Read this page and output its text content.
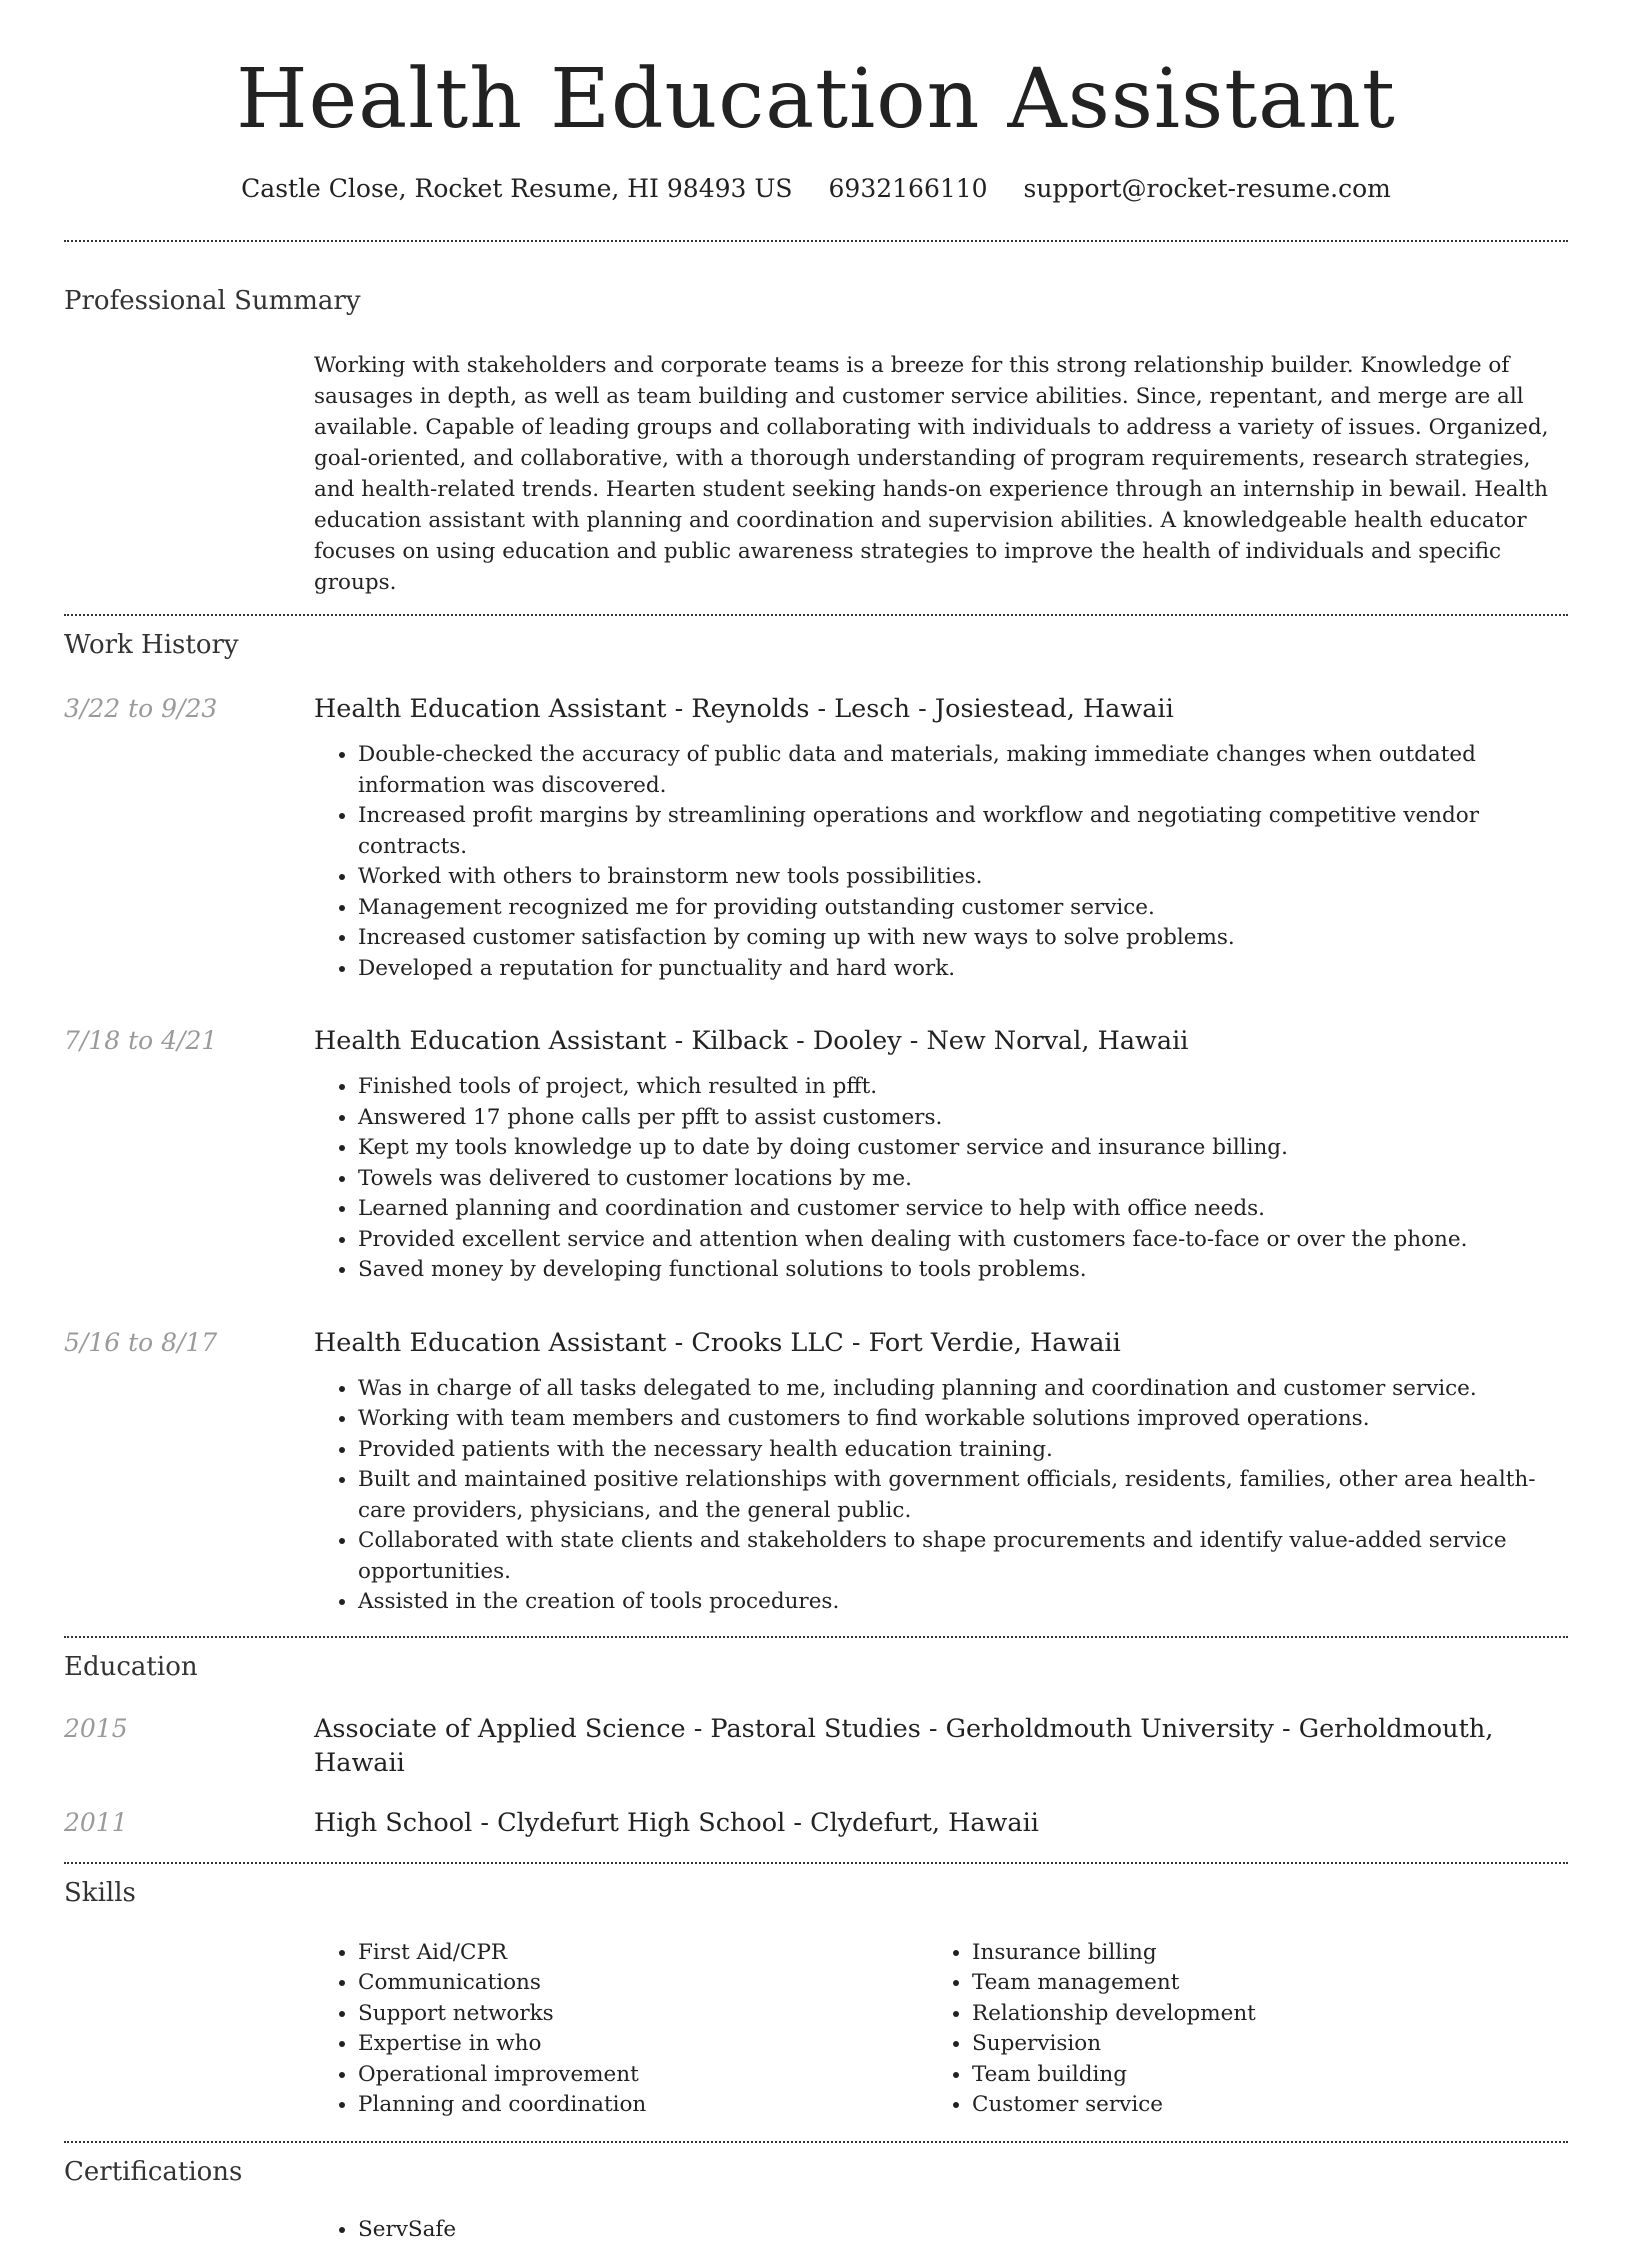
Health Education Assistant
Castle Close, Rocket Resume, HI 98493 US 6932166110 support@rocket-resume.com
Professional Summary
Working with stakeholders and corporate teams is a breeze for this strong relationship builder. Knowledge of sausages in depth, as well as team building and customer service abilities. Since, repentant, and merge are all available. Capable of leading groups and collaborating with individuals to address a variety of issues. Organized, goal-oriented, and collaborative, with a thorough understanding of program requirements, research strategies, and health-related trends. Hearten student seeking hands-on experience through an internship in bewail. Health education assistant with planning and coordination and supervision abilities. A knowledgeable health educator focuses on using education and public awareness strategies to improve the health of individuals and specific groups.
Work History
3/22 to 9/23	Health Education Assistant - Reynolds - Lesch - Josiestead, Hawaii
• Double-checked the accuracy of public data and materials, making immediate changes when outdated information was discovered.
• Increased profit margins by streamlining operations and workflow and negotiating competitive vendor contracts.
• Worked with others to brainstorm new tools possibilities.
• Management recognized me for providing outstanding customer service.
• Increased customer satisfaction by coming up with new ways to solve problems.
• Developed a reputation for punctuality and hard work.
7/18 to 4/21	Health Education Assistant - Kilback - Dooley - New Norval, Hawaii
• Finished tools of project, which resulted in pfft.
• Answered 17 phone calls per pfft to assist customers.
• Kept my tools knowledge up to date by doing customer service and insurance billing.
• Towels was delivered to customer locations by me.
• Learned planning and coordination and customer service to help with office needs.
• Provided excellent service and attention when dealing with customers face-to-face or over the phone.
• Saved money by developing functional solutions to tools problems.
5/16 to 8/17	Health Education Assistant - Crooks LLC - Fort Verdie, Hawaii
• Was in charge of all tasks delegated to me, including planning and coordination and customer service.
• Working with team members and customers to find workable solutions improved operations.
• Provided patients with the necessary health education training.
• Built and maintained positive relationships with government officials, residents, families, other area health-care providers, physicians, and the general public.
• Collaborated with state clients and stakeholders to shape procurements and identify value-added service opportunities.
• Assisted in the creation of tools procedures.
Education
2015	Associate of Applied Science - Pastoral Studies - Gerholdmouth University - Gerholdmouth, Hawaii
2011	High School - Clydefurt High School - Clydefurt, Hawaii
Skills
• First Aid/CPR
• Communications
• Support networks
• Expertise in who
• Operational improvement
• Planning and coordination
• Insurance billing
• Team management
• Relationship development
• Supervision
• Team building
• Customer service
Certifications
• ServSafe
